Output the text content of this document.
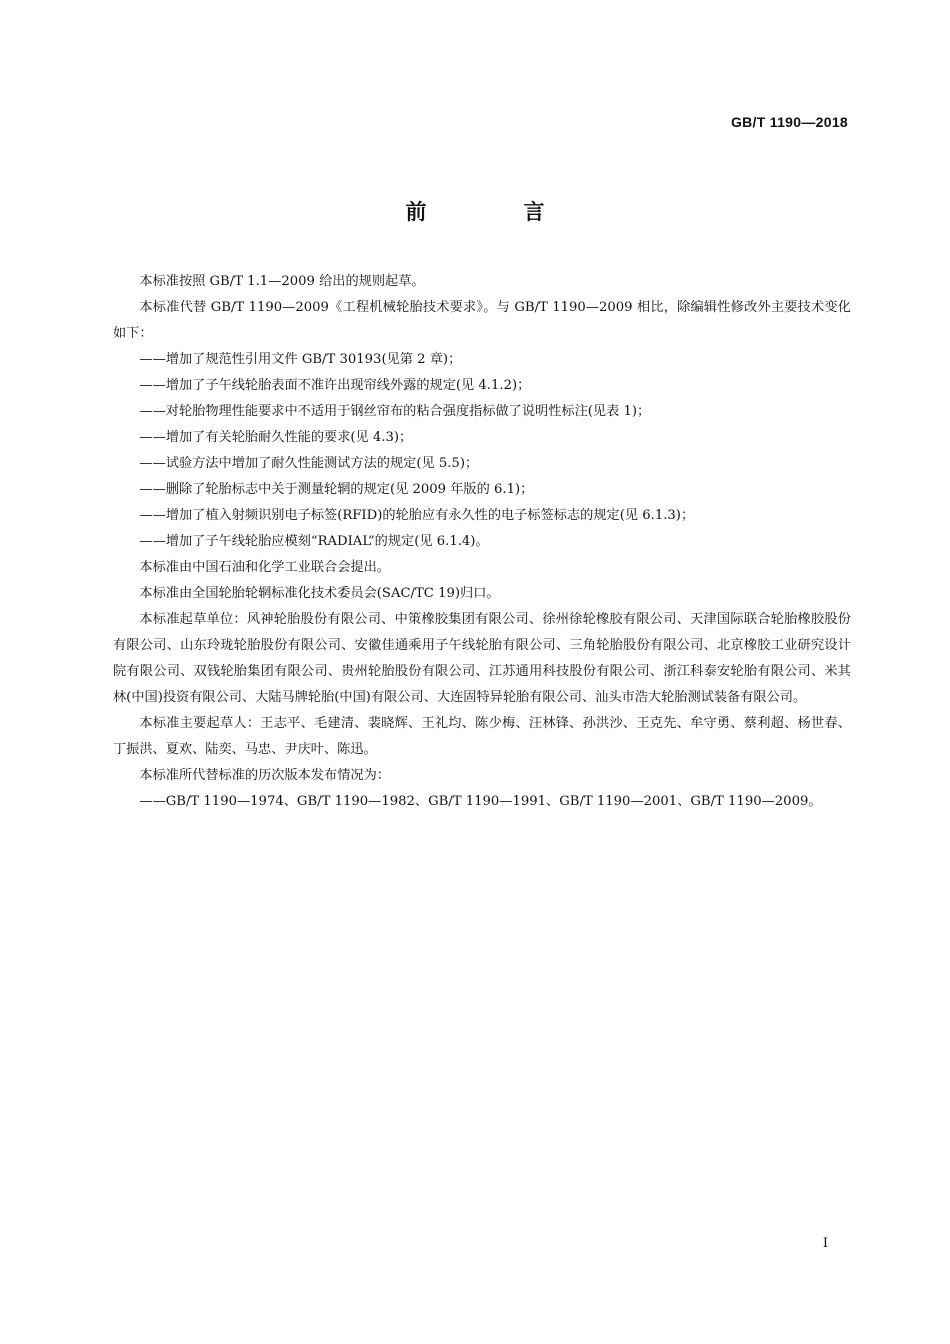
GB/T 1190—2018
前　言

本标准按照 GB/T 1.1—2009 给出的规则起草。

本标准代替 GB/T 1190—2009《工程机械轮胎技术要求》。与 GB/T 1190—2009 相比，除编辑性修改外主要技术变化如下：

——增加了规范性引用文件 GB/T 30193(见第 2 章)；

——增加了子午线轮胎表面不准许出现帘线外露的规定(见 4.1.2)；

——对轮胎物理性能要求中不适用于钢丝帘布的粘合强度指标做了说明性标注(见表 1)；

——增加了有关轮胎耐久性能的要求(见 4.3)；

——试验方法中增加了耐久性能测试方法的规定(见 5.5)；

——删除了轮胎标志中关于测量轮辋的规定(见 2009 年版的 6.1)；

——增加了植入射频识别电子标签(RFID)的轮胎应有永久性的电子标签标志的规定(见 6.1.3)；

——增加了子午线轮胎应模刻“RADIAL”的规定(见 6.1.4)。

本标准由中国石油和化学工业联合会提出。

本标准由全国轮胎轮辋标准化技术委员会(SAC/TC 19)归口。

本标准起草单位：风神轮胎股份有限公司、中策橡胶集团有限公司、徐州徐轮橡胶有限公司、天津国际联合轮胎橡胶股份有限公司、山东玲珑轮胎股份有限公司、安徽佳通乘用子午线轮胎有限公司、三角轮胎股份有限公司、北京橡胶工业研究设计院有限公司、双钱轮胎集团有限公司、贵州轮胎股份有限公司、江苏通用科技股份有限公司、浙江科泰安轮胎有限公司、米其林(中国)投资有限公司、大陆马牌轮胎(中国)有限公司、大连固特异轮胎有限公司、汕头市浩大轮胎测试装备有限公司。

本标准主要起草人：王志平、毛建清、裴晓辉、王礼均、陈少梅、汪林锋、孙洪沙、王克先、牟守勇、蔡利超、杨世春、丁振洪、夏欢、陆奕、马忠、尹庆叶、陈迅。

本标准所代替标准的历次版本发布情况为：

——GB/T 1190—1974、GB/T 1190—1982、GB/T 1190—1991、GB/T 1190—2001、GB/T 1190—2009。

I
